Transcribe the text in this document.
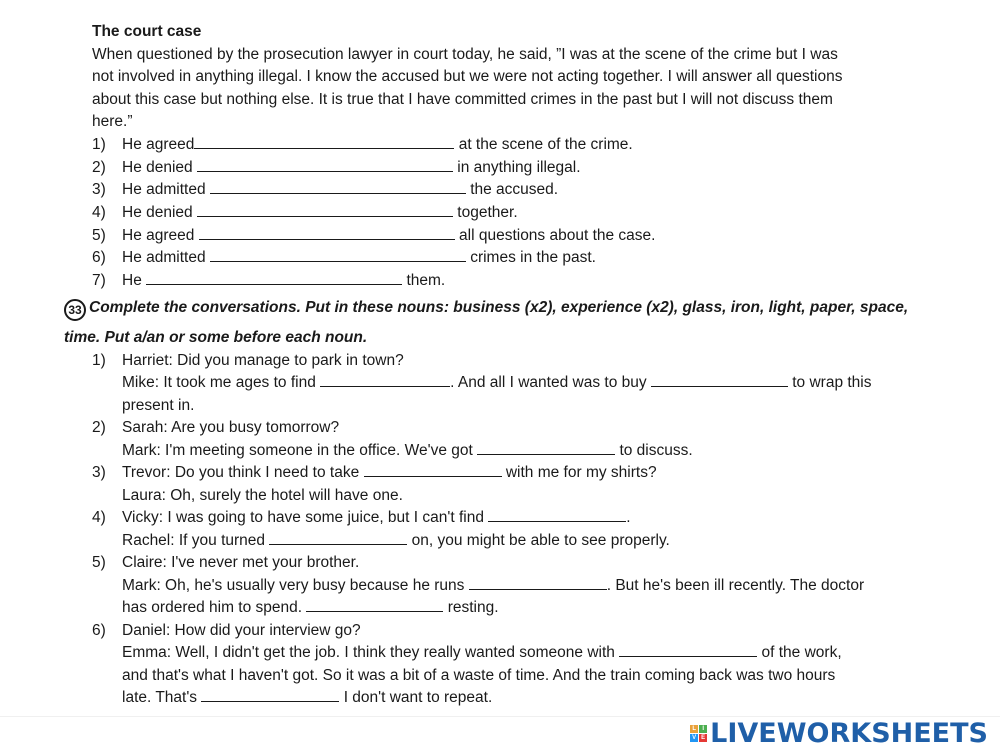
The court case
When questioned by the prosecution lawyer in court today, he said, ”I was at the scene of the crime but I was
not involved in anything illegal. I know the accused but we were not acting together. I will answer all questions
about this case but nothing else. It is true that I have committed crimes in the past but I will not discuss them
here.”
1) He agreed	at the scene of the crime.
2) He denied	in anything illegal.
3) He admitted	the accused.
4) He denied	together.
5) He agreed	all questions about the case.
6) He admitted	crimes in the past.
7) He	them.
33 Complete the conversations. Put in these nouns: business (x2), experience (x2), glass, iron, light, paper, space,
time. Put a/an or some before each noun.
1) Harriet: Did you manage to park in town?
Mike: It took me ages to find	. And all I wanted was to buy	to wrap this
present in.
2) Sarah: Are you busy tomorrow?
Mark: I'm meeting someone in the office. We've got	to discuss.
3) Trevor: Do you think I need to take	with me for my shirts?
Laura: Oh, surely the hotel will have one.
4) Vicky: I was going to have some juice, but I can't find	.
Rachel: If you turned	on, you might be able to see properly.
5) Claire: I've never met your brother.
Mark: Oh, he's usually very busy because he runs	. But he's been ill recently. The doctor
has ordered him to spend.	resting.
6) Daniel: How did your interview go?
Emma: Well, I didn't get the job. I think they really wanted someone with	of the work,
and that's what I haven't got. So it was a bit of a waste of time. And the train coming back was two hours
late. That's	I don't want to repeat.
L	I
V E LIVEWORKSHEETS
